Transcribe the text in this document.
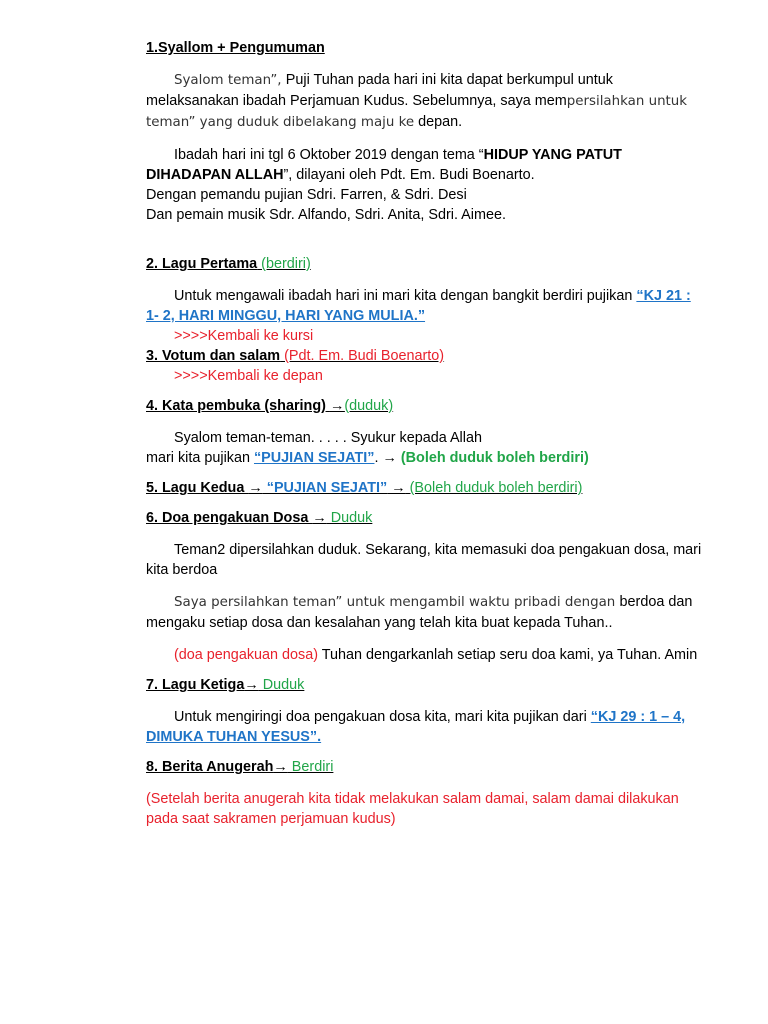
1.Syallom + Pengumuman

Syalom teman”, Puji Tuhan pada hari ini kita dapat berkumpul untuk melaksanakan ibadah Perjamuan Kudus. Sebelumnya, saya mempersilahkan untuk teman” yang duduk dibelakang maju ke depan.

Ibadah hari ini tgl 6 Oktober 2019 dengan tema “HIDUP YANG PATUT DIHADAPAN ALLAH”, dilayani oleh Pdt. Em. Budi Boenarto.

Dengan pemandu pujian Sdri. Farren, & Sdri. Desi

Dan pemain musik Sdr. Alfando, Sdri. Anita, Sdri. Aimee.

2. Lagu Pertama (berdiri)

Untuk mengawali ibadah hari ini mari kita dengan bangkit berdiri pujikan “KJ 21 : 1- 2, HARI MINGGU, HARI YANG MULIA.”

>>>>Kembali ke kursi

3. Votum dan salam (Pdt. Em. Budi Boenarto)

>>>>Kembali ke depan

4. Kata pembuka (sharing) →(duduk)

Syalom teman-teman. . . . . Syukur kepada Allah

mari kita pujikan “PUJIAN SEJATI”. → (Boleh duduk boleh berdiri)

5. Lagu Kedua → “PUJIAN SEJATI” → (Boleh duduk boleh berdiri)

6. Doa pengakuan Dosa → Duduk

Teman2 dipersilahkan duduk. Sekarang, kita memasuki doa pengakuan dosa, mari kita berdoa

Saya persilahkan teman” untuk mengambil waktu pribadi dengan berdoa dan mengaku setiap dosa dan kesalahan yang telah kita buat kepada Tuhan..

(doa pengakuan dosa) Tuhan dengarkanlah setiap seru doa kami, ya Tuhan. Amin

7. Lagu Ketiga→ Duduk

Untuk mengiringi doa pengakuan dosa kita, mari kita pujikan dari “KJ 29 : 1 – 4, DIMUKA TUHAN YESUS”.

8. Berita Anugerah→ Berdiri

(Setelah berita anugerah kita tidak melakukan salam damai, salam damai dilakukan pada saat sakramen perjamuan kudus)
